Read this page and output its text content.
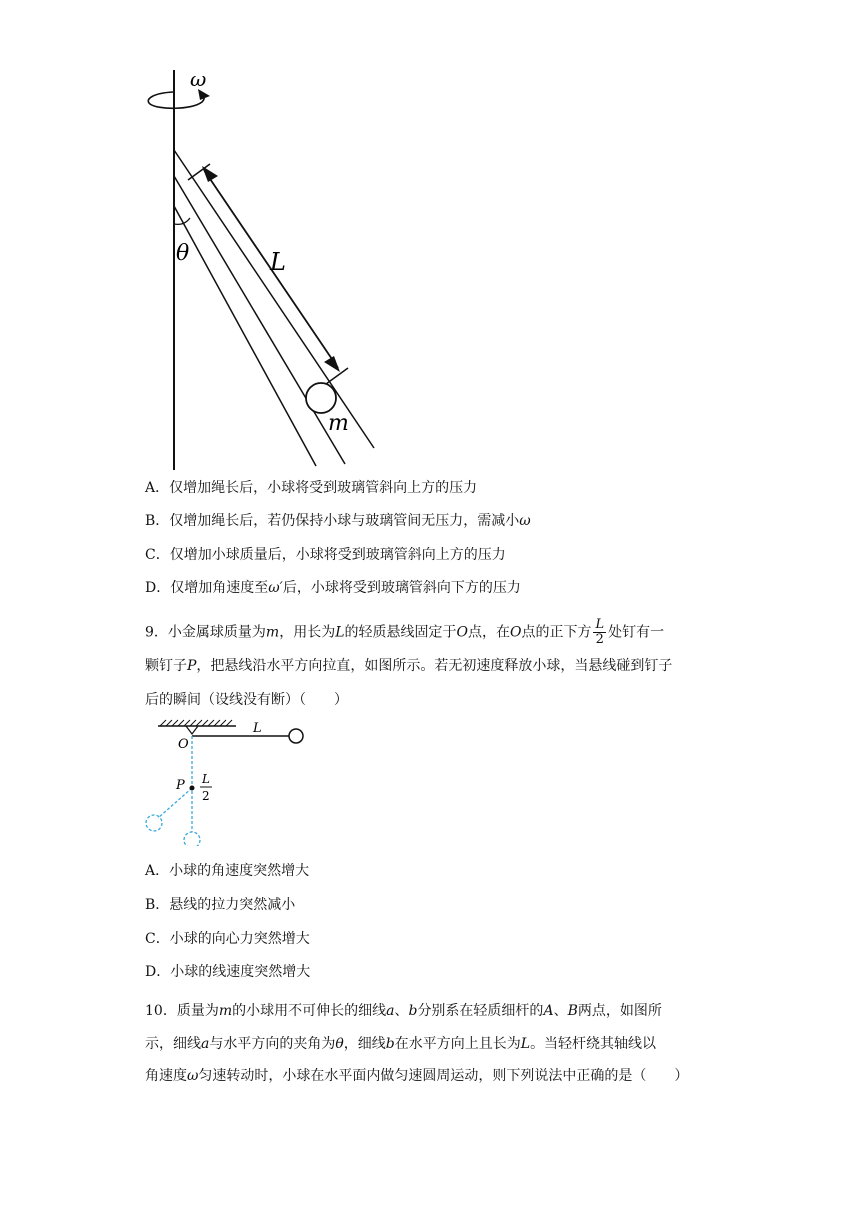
ω
θ	L
m
A．仅增加绳长后，小球将受到玻璃管斜向上方的压力
B．仅增加绳长后，若仍保持小球与玻璃管间无压力，需减小ω
C．仅增加小球质量后，小球将受到玻璃管斜向上方的压力
D．仅增加角速度至ω′后，小球将受到玻璃管斜向下方的压力
9．小金属球质量为m，用长为L的轻质悬线固定于O点，在O点的正下方 $\frac{L}{2}$ 处钉有一
颗钉子P，把悬线沿水平方向拉直，如图所示。若无初速度释放小球，当悬线碰到钉子
后的瞬间（设线没有断）（　　）
O
L
P L
2
A．小球的角速度突然增大
B．悬线的拉力突然减小
C．小球的向心力突然增大
D．小球的线速度突然增大
10．质量为m的小球用不可伸长的细线a、b分别系在轻质细杆的A、B两点，如图所
示，细线a与水平方向的夹角为θ，细线b在水平方向上且长为L。当轻杆绕其轴线以
角速度ω匀速转动时，小球在水平面内做匀速圆周运动，则下列说法中正确的是（　　）
